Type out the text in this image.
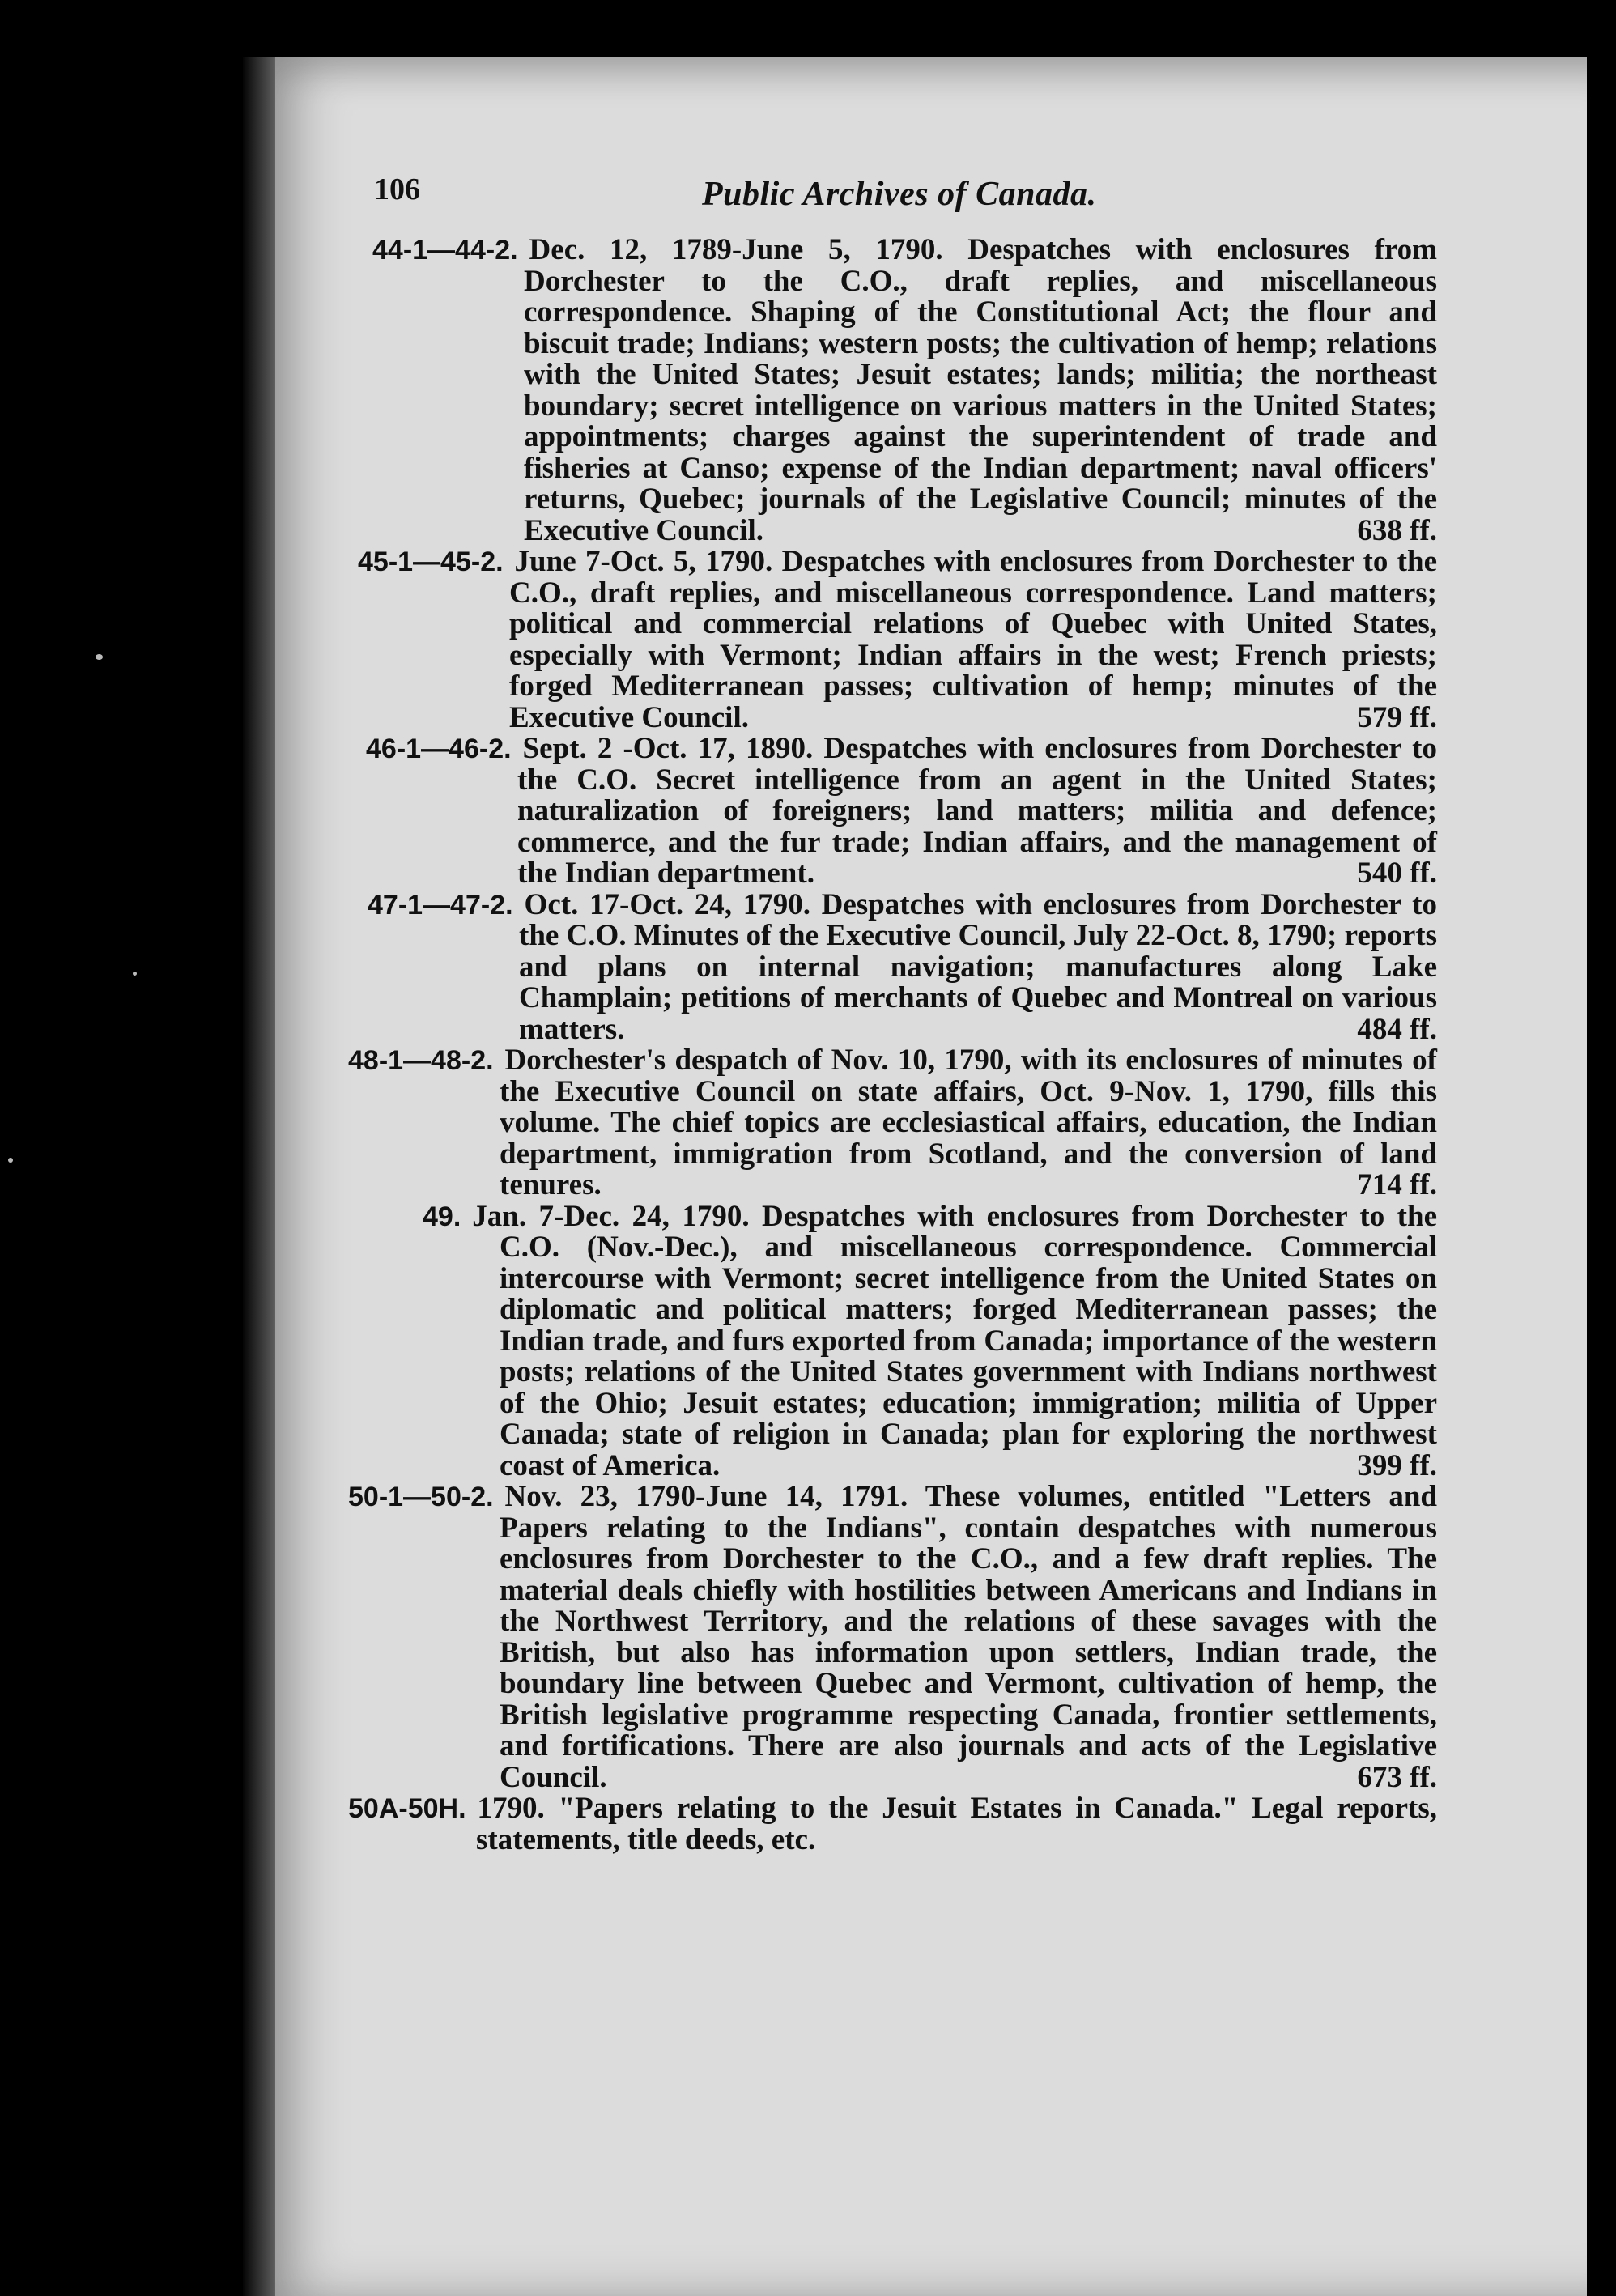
106	Public Archives of Canada.
44-1—44-2. Dec. 12, 1789-June 5, 1790. Despatches with enclosures from Dorchester to the C.O., draft replies, and miscellaneous correspondence. Shaping of the Constitutional Act; the flour and biscuit trade; Indians; western posts; the cultivation of hemp; relations with the United States; Jesuit estates; lands; militia; the northeast boundary; secret intelligence on various matters in the United States; appointments; charges against the superintendent of trade and fisheries at Canso; expense of the Indian department; naval officers' returns, Quebec; journals of the Legislative Council; minutes of the Executive Council.	638 ff.
45-1—45-2. June 7-Oct. 5, 1790. Despatches with enclosures from Dorchester to the C.O., draft replies, and miscellaneous correspondence. Land matters; political and commercial relations of Quebec with United States, especially with Vermont; Indian affairs in the west; French priests; forged Mediterranean passes; cultivation of hemp; minutes of the Executive Council.	579 ff.
46-1—46-2. Sept. 2 -Oct. 17, 1890. Despatches with enclosures from Dorchester to the C.O. Secret intelligence from an agent in the United States; naturalization of foreigners; land matters; militia and defence; commerce, and the fur trade; Indian affairs, and the management of the Indian department.	540 ff.
47-1—47-2. Oct. 17-Oct. 24, 1790. Despatches with enclosures from Dorchester to the C.O. Minutes of the Executive Council, July 22-Oct. 8, 1790; reports and plans on internal navigation; manufactures along Lake Champlain; petitions of merchants of Quebec and Montreal on various matters.	484 ff.
48-1—48-2. Dorchester's despatch of Nov. 10, 1790, with its enclosures of minutes of the Executive Council on state affairs, Oct. 9-Nov. 1, 1790, fills this volume. The chief topics are ecclesiastical affairs, education, the Indian department, immigration from Scotland, and the conversion of land tenures.	714 ff.
49. Jan. 7-Dec. 24, 1790. Despatches with enclosures from Dorchester to the C.O. (Nov.-Dec.), and miscellaneous correspondence. Commercial intercourse with Vermont; secret intelligence from the United States on diplomatic and political matters; forged Mediterranean passes; the Indian trade, and furs exported from Canada; importance of the western posts; relations of the United States government with Indians northwest of the Ohio; Jesuit estates; education; immigration; militia of Upper Canada; state of religion in Canada; plan for exploring the northwest coast of America.	399 ff.
50-1—50-2. Nov. 23, 1790-June 14, 1791. These volumes, entitled "Letters and Papers relating to the Indians", contain despatches with numerous enclosures from Dorchester to the C.O., and a few draft replies. The material deals chiefly with hostilities between Americans and Indians in the Northwest Territory, and the relations of these savages with the British, but also has information upon settlers, Indian trade, the boundary line between Quebec and Vermont, cultivation of hemp, the British legislative programme respecting Canada, frontier settlements, and fortifications. There are also journals and acts of the Legislative Council.	673 ff.
50A-50H. 1790. "Papers relating to the Jesuit Estates in Canada." Legal reports, statements, title deeds, etc.
